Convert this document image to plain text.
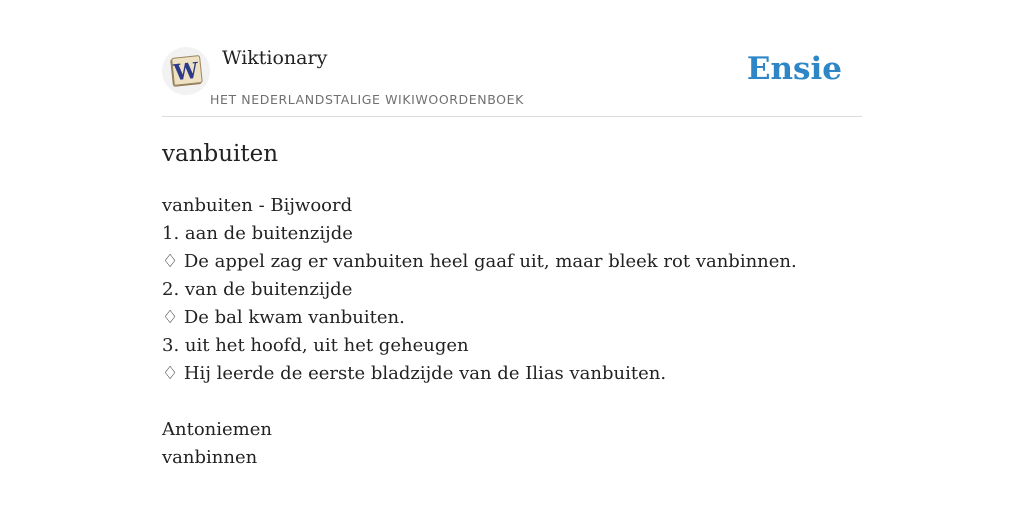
W Wiktionary
HET NEDERLANDSTALIGE WIKIWOORDENBOEK
Ensie
vanbuiten
vanbuiten - Bijwoord
1. aan de buitenzijde
♢ De appel zag er vanbuiten heel gaaf uit, maar bleek rot vanbinnen.
2. van de buitenzijde
♢ De bal kwam vanbuiten.
3. uit het hoofd, uit het geheugen
♢ Hij leerde de eerste bladzijde van de Ilias vanbuiten.
Antoniemen
vanbinnen
